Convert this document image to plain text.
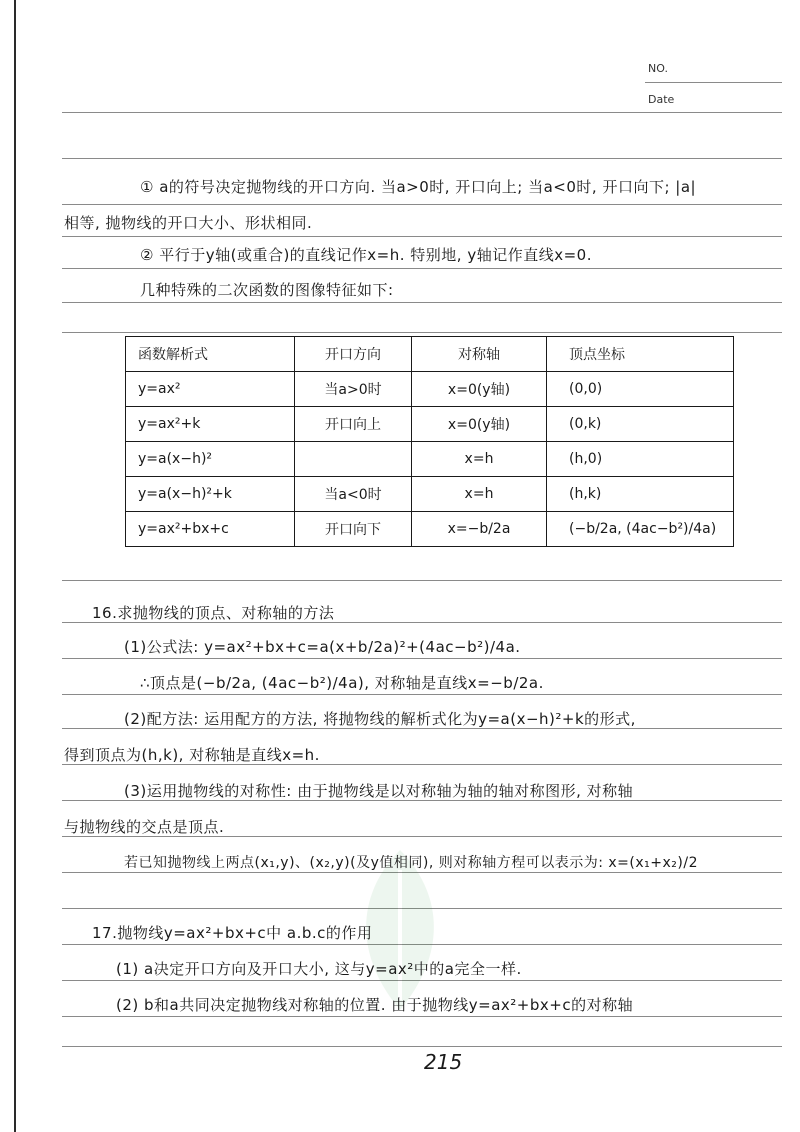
NO.
Date
① a的符号决定抛物线的开口方向. 当a>0时, 开口向上; 当a<0时, 开口向下; |a|
相等, 抛物线的开口大小、形状相同.
② 平行于y轴(或重合)的直线记作x=h. 特别地, y轴记作直线x=0.
几种特殊的二次函数的图像特征如下:
函数解析式	开口方向	对称轴	顶点坐标
y=ax²	当a>0时	x=0(y轴)	(0,0)
y=ax²+k	开口向上	x=0(y轴)	(0,k)
y=a(x−h)²		x=h	(h,0)
y=a(x−h)²+k	当a<0时	x=h	(h,k)
y=ax²+bx+c	开口向下	x=−b/2a	(−b/2a, (4ac−b²)/4a)
16.求抛物线的顶点、对称轴的方法
(1)公式法: y=ax²+bx+c=a(x+b/2a)²+(4ac−b²)/4a.
∴顶点是(−b/2a, (4ac−b²)/4a), 对称轴是直线x=−b/2a.
(2)配方法: 运用配方的方法, 将抛物线的解析式化为y=a(x−h)²+k的形式,
得到顶点为(h,k), 对称轴是直线x=h.
(3)运用抛物线的对称性: 由于抛物线是以对称轴为轴的轴对称图形, 对称轴
与抛物线的交点是顶点.
若已知抛物线上两点(x₁,y)、(x₂,y)(及y值相同), 则对称轴方程可以表示为: x=(x₁+x₂)/2
17.抛物线y=ax²+bx+c中 a.b.c的作用
(1) a决定开口方向及开口大小, 这与y=ax²中的a完全一样.
(2) b和a共同决定抛物线对称轴的位置. 由于抛物线y=ax²+bx+c的对称轴
215
